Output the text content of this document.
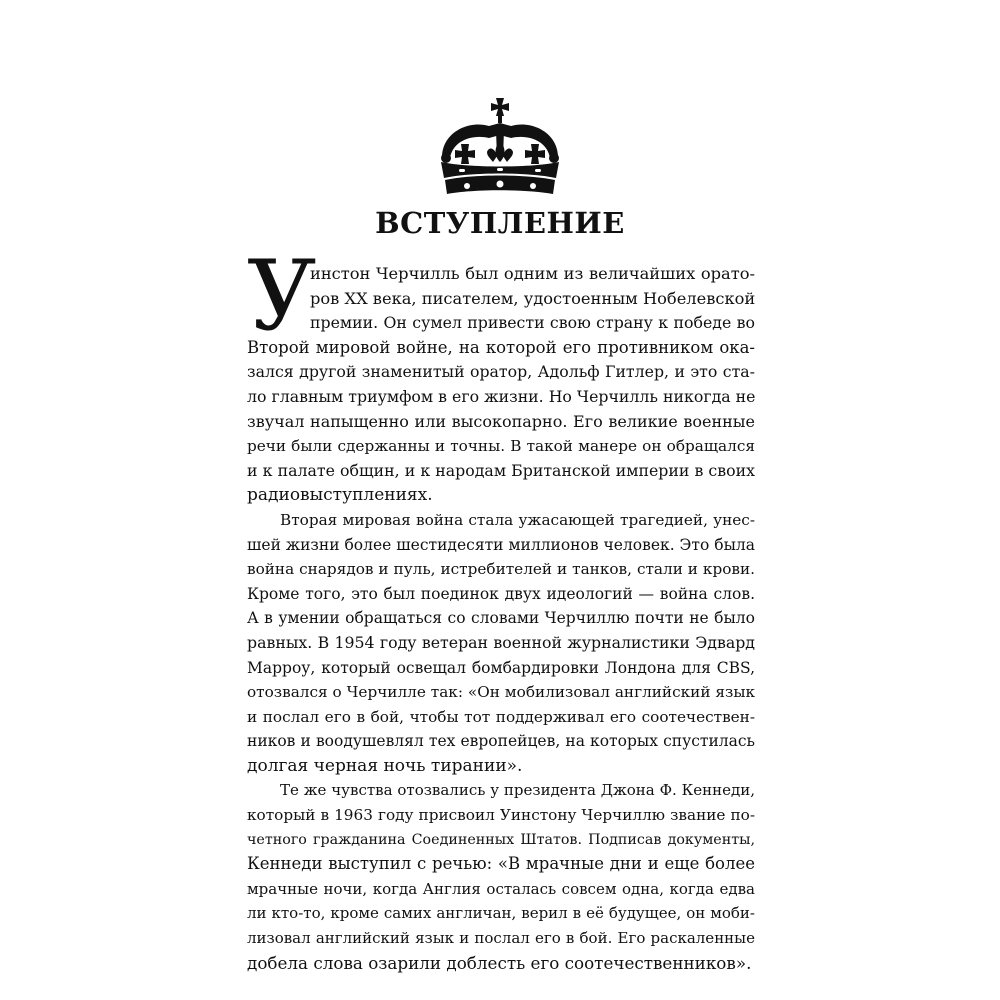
ВСТУПЛЕНИЕ
У
инстон Черчилль был одним из величайших орато-
ров XX века, писателем, удостоенным Нобелевской
премии. Он сумел привести свою страну к победе во
Второй мировой войне, на которой его противником ока-
зался другой знаменитый оратор, Адольф Гитлер, и это ста-
ло главным триумфом в его жизни. Но Черчилль никогда не
звучал напыщенно или высокопарно. Его великие военные
речи были сдержанны и точны. В такой манере он обращался
и к палате общин, и к народам Британской империи в своих
радиовыступлениях.
Вторая мировая война стала ужасающей трагедией, унес-
шей жизни более шестидесяти миллионов человек. Это была
война снарядов и пуль, истребителей и танков, стали и крови.
Кроме того, это был поединок двух идеологий — война слов.
А в умении обращаться со словами Черчиллю почти не было
равных. В 1954 году ветеран военной журналистики Эдвард
Марроу, который освещал бомбардировки Лондона для CBS,
отозвался о Черчилле так: «Он мобилизовал английский язык
и послал его в бой, чтобы тот поддерживал его соотечествен-
ников и воодушевлял тех европейцев, на которых спустилась
долгая черная ночь тирании».
Те же чувства отозвались у президента Джона Ф. Кеннеди,
который в 1963 году присвоил Уинстону Черчиллю звание по-
четного гражданина Соединенных Штатов. Подписав документы,
Кеннеди выступил с речью: «В мрачные дни и еще более
мрачные ночи, когда Англия осталась совсем одна, когда едва
ли кто-то, кроме самих англичан, верил в её будущее, он моби-
лизовал английский язык и послал его в бой. Его раскаленные
добела слова озарили доблесть его соотечественников».
